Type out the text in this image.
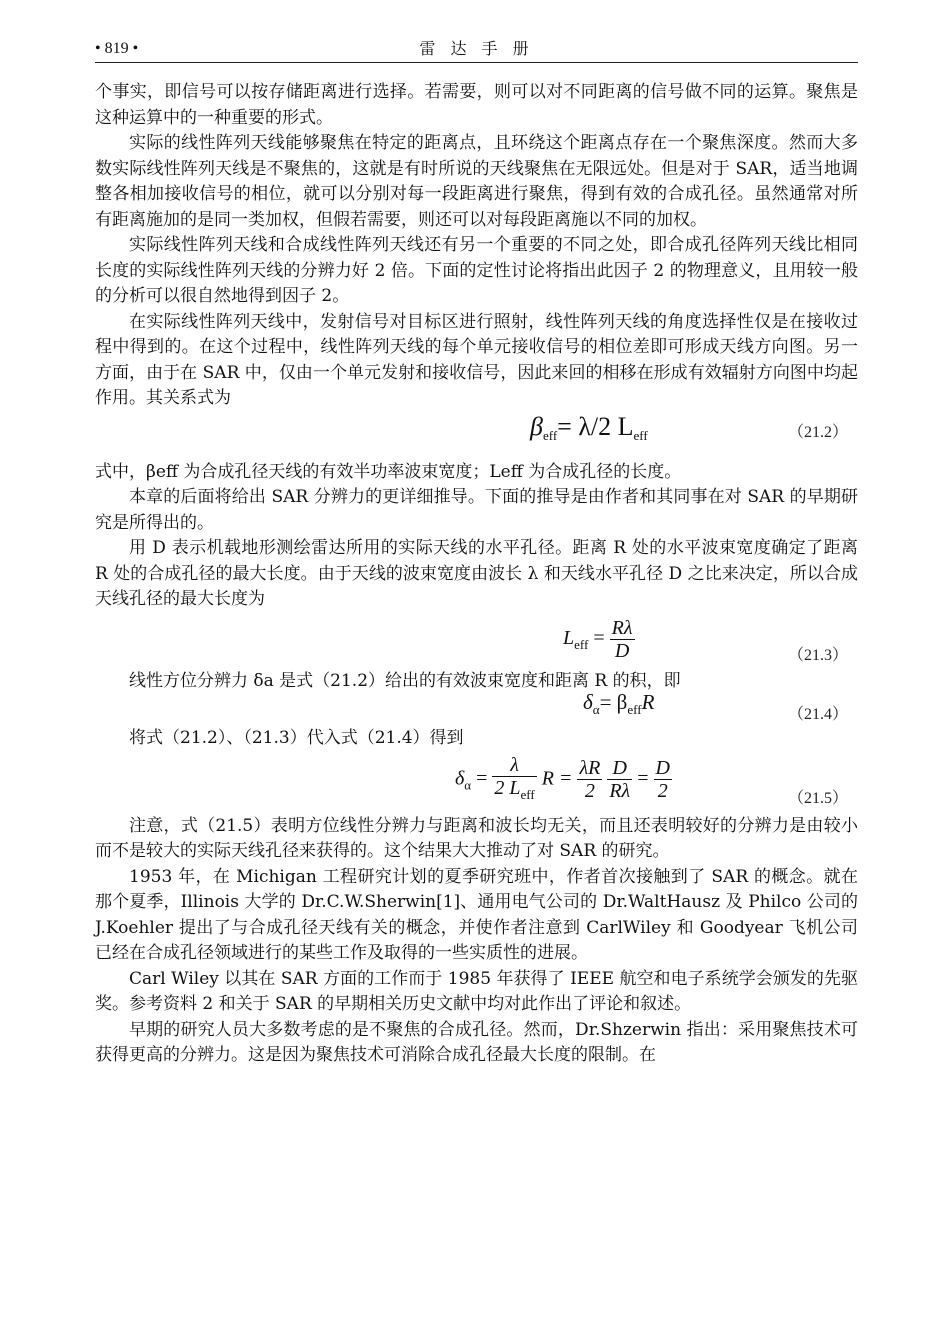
• 819 •	雷 达 手 册

个事实，即信号可以按存储距离进行选择。若需要，则可以对不同距离的信号做不同的运算。聚焦是这种运算中的一种重要的形式。

实际的线性阵列天线能够聚焦在特定的距离点，且环绕这个距离点存在一个聚焦深度。然而大多数实际线性阵列天线是不聚焦的，这就是有时所说的天线聚焦在无限远处。但是对于 SAR，适当地调整各相加接收信号的相位，就可以分别对每一段距离进行聚焦，得到有效的合成孔径。虽然通常对所有距离施加的是同一类加权，但假若需要，则还可以对每段距离施以不同的加权。

实际线性阵列天线和合成线性阵列天线还有另一个重要的不同之处，即合成孔径阵列天线比相同长度的实际线性阵列天线的分辨力好 2 倍。下面的定性讨论将指出此因子 2 的物理意义，且用较一般的分析可以很自然地得到因子 2。

在实际线性阵列天线中，发射信号对目标区进行照射，线性阵列天线的角度选择性仅是在接收过程中得到的。在这个过程中，线性阵列天线的每个单元接收信号的相位差即可形成天线方向图。另一方面，由于在 SAR 中，仅由一个单元发射和接收信号，因此来回的相移在形成有效辐射方向图中均起作用。其关系式为

$\beta_{eff}= \lambda/2$ $L_{eff}$	（21.2）

式中，βeff 为合成孔径天线的有效半功率波束宽度；Leff 为合成孔径的长度。

本章的后面将给出 SAR 分辨力的更详细推导。下面的推导是由作者和其同事在对 SAR 的早期研究是所得出的。

用 D 表示机载地形测绘雷达所用的实际天线的水平孔径。距离 R 处的水平波束宽度确定了距离 R 处的合成孔径的最大长度。由于天线的波束宽度由波长 λ 和天线水平孔径 D 之比来决定，所以合成天线孔径的最大长度为

$L_{eff} = \frac{R\lambda}{D}$	（21.3）

线性方位分辨力 δa 是式（21.2）给出的有效波束宽度和距离 R 的积，即

$\delta_\alpha= \beta_{eff}R$
（21.4）

将式（21.2）、（21.3）代入式（21.4）得到

$\delta_\alpha = \frac{\lambda}{2 L_{eff}}$ $R = \frac{\lambda R}{2}$
$\frac{D}{R\lambda} = \frac{D}{2}$	（21.5）

注意，式（21.5）表明方位线性分辨力与距离和波长均无关，而且还表明较好的分辨力是由较小而不是较大的实际天线孔径来获得的。这个结果大大推动了对 SAR 的研究。

1953 年，在 Michigan 工程研究计划的夏季研究班中，作者首次接触到了 SAR 的概念。就在那个夏季，Illinois 大学的 Dr.C.W.Sherwin[1]、通用电气公司的 Dr.WaltHausz 及 Philco 公司的 J.Koehler 提出了与合成孔径天线有关的概念，并使作者注意到 CarlWiley 和 Goodyear 飞机公司已经在合成孔径领域进行的某些工作及取得的一些实质性的进展。

Carl Wiley 以其在 SAR 方面的工作而于 1985 年获得了 IEEE 航空和电子系统学会颁发的先驱奖。参考资料 2 和关于 SAR 的早期相关历史文献中均对此作出了评论和叙述。

早期的研究人员大多数考虑的是不聚焦的合成孔径。然而，Dr.Shzerwin 指出：采用聚焦技术可获得更高的分辨力。这是因为聚焦技术可消除合成孔径最大长度的限制。在
